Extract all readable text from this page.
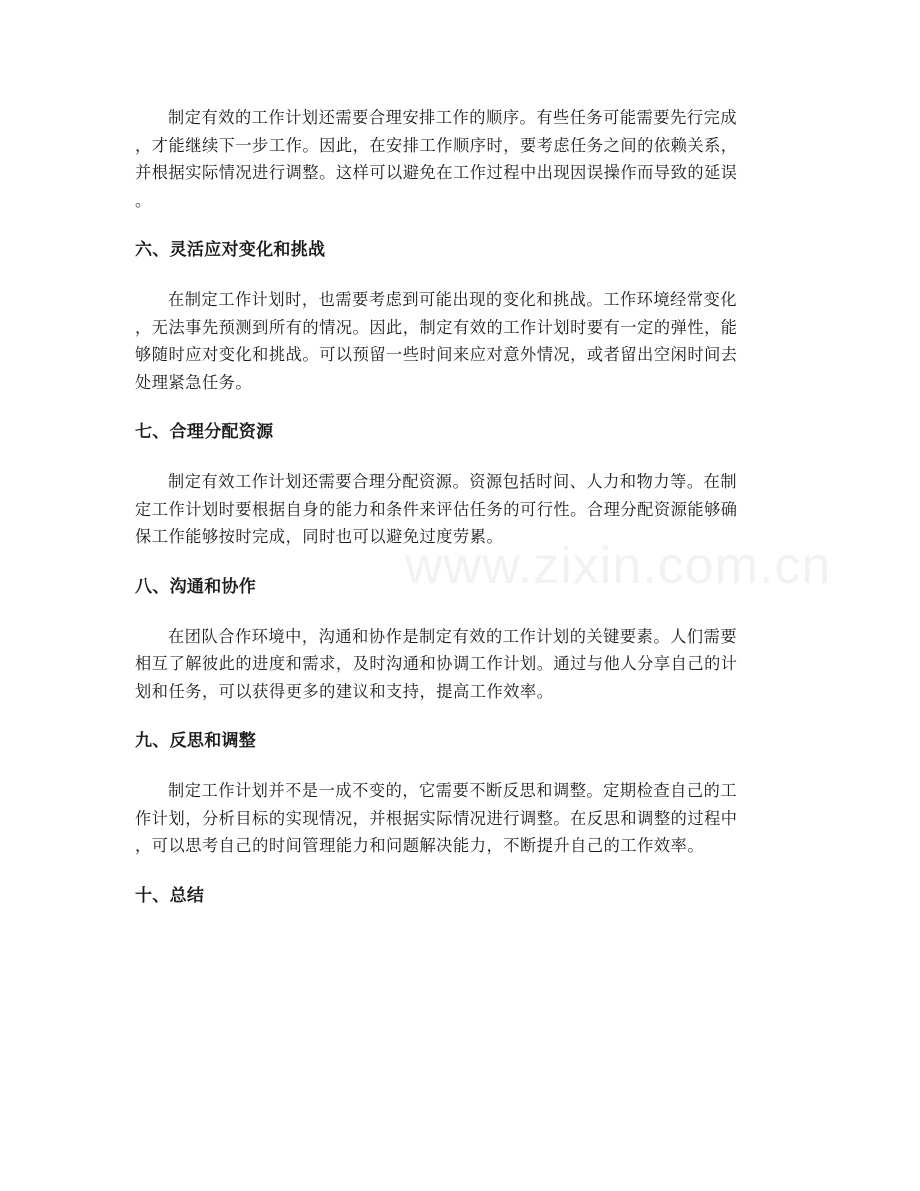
制定有效的工作计划还需要合理安排工作的顺序。有些任务可能需要先行完成
，才能继续下一步工作。因此，在安排工作顺序时，要考虑任务之间的依赖关系，
并根据实际情况进行调整。这样可以避免在工作过程中出现因误操作而导致的延误
。

六、灵活应对变化和挑战

在制定工作计划时，也需要考虑到可能出现的变化和挑战。工作环境经常变化
，无法事先预测到所有的情况。因此，制定有效的工作计划时要有一定的弹性，能
够随时应对变化和挑战。可以预留一些时间来应对意外情况，或者留出空闲时间去
处理紧急任务。

七、合理分配资源

制定有效工作计划还需要合理分配资源。资源包括时间、人力和物力等。在制
定工作计划时要根据自身的能力和条件来评估任务的可行性。合理分配资源能够确
保工作能够按时完成，同时也可以避免过度劳累。

八、沟通和协作

在团队合作环境中，沟通和协作是制定有效的工作计划的关键要素。人们需要
相互了解彼此的进度和需求，及时沟通和协调工作计划。通过与他人分享自己的计
划和任务，可以获得更多的建议和支持，提高工作效率。

九、反思和调整

制定工作计划并不是一成不变的，它需要不断反思和调整。定期检查自己的工
作计划，分析目标的实现情况，并根据实际情况进行调整。在反思和调整的过程中
，可以思考自己的时间管理能力和问题解决能力，不断提升自己的工作效率。

十、总结
www.zixin.com.cn
